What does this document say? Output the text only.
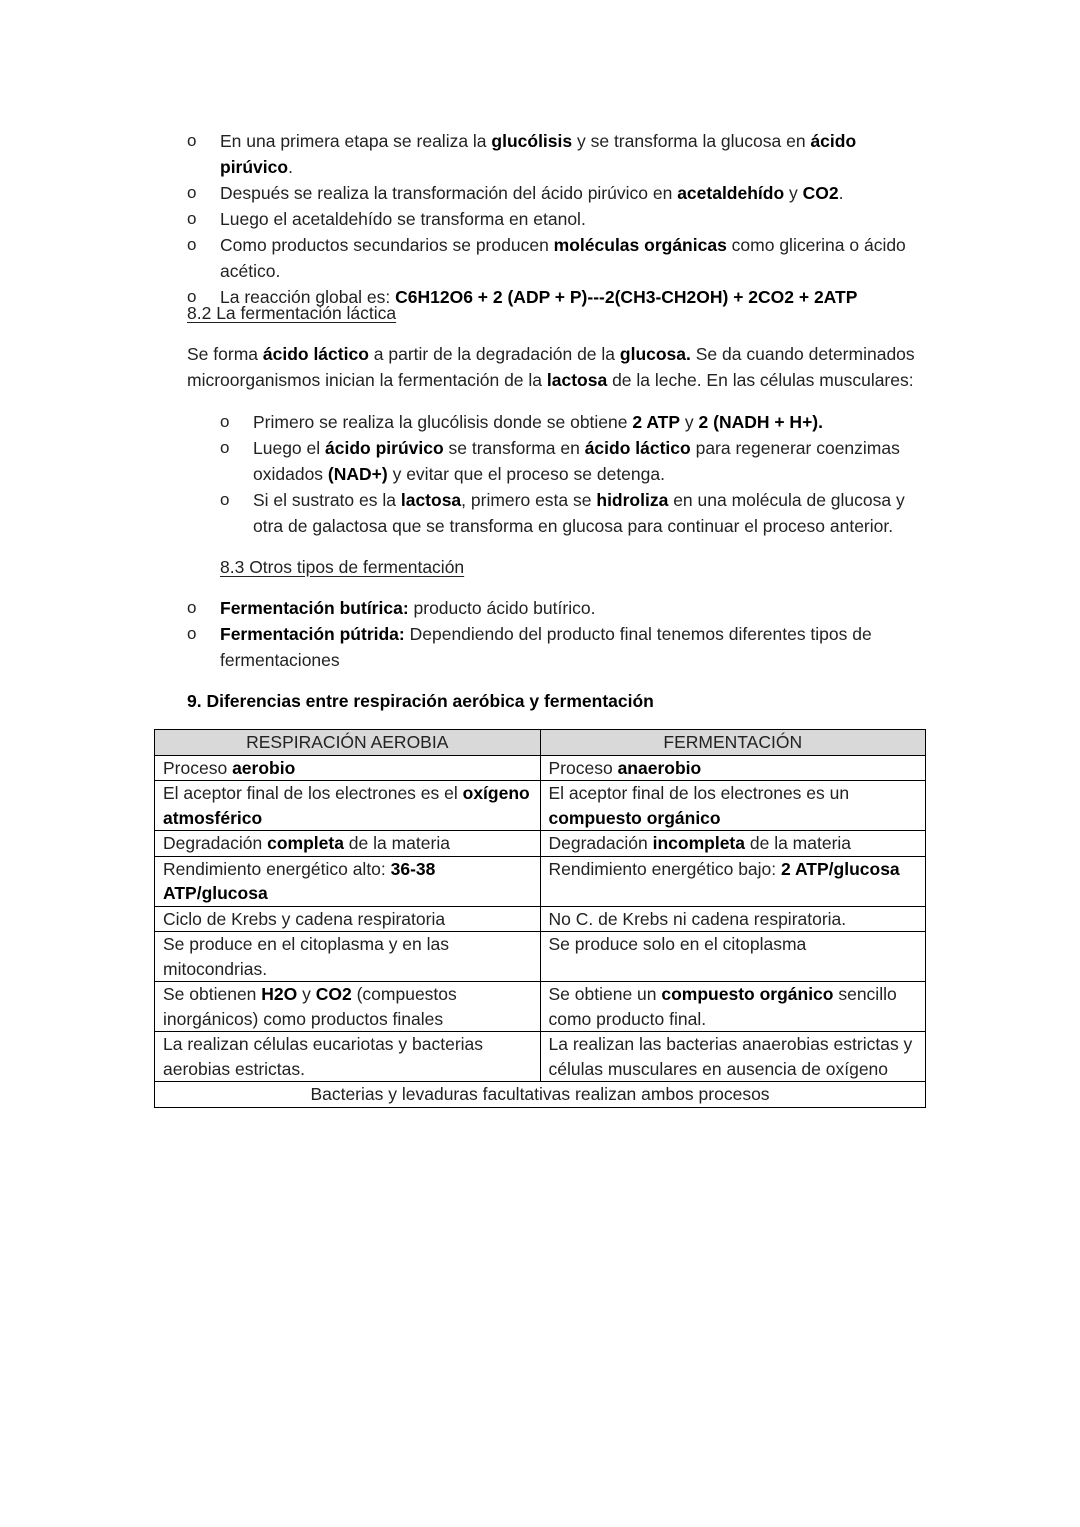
o En una primera etapa se realiza la glucólisis y se transforma la glucosa en ácido pirúvico.
o Después se realiza la transformación del ácido pirúvico en acetaldehído y CO2.
o Luego el acetaldehído se transforma en etanol.
o Como productos secundarios se producen moléculas orgánicas como glicerina o ácido acético.
o La reacción global es: C6H12O6 + 2 (ADP + P)---2(CH3-CH2OH) + 2CO2 + 2ATP
8.2 La fermentación láctica

Se forma ácido láctico a partir de la degradación de la glucosa. Se da cuando determinados microorganismos inician la fermentación de la lactosa de la leche. En las células musculares:

o Primero se realiza la glucólisis donde se obtiene 2 ATP y 2 (NADH + H+).
o Luego el ácido pirúvico se transforma en ácido láctico para regenerar coenzimas oxidados (NAD+) y evitar que el proceso se detenga.
o Si el sustrato es la lactosa, primero esta se hidroliza en una molécula de glucosa y otra de galactosa que se transforma en glucosa para continuar el proceso anterior.
8.3 Otros tipos de fermentación
o Fermentación butírica: producto ácido butírico.
o Fermentación pútrida: Dependiendo del producto final tenemos diferentes tipos de fermentaciones

9. Diferencias entre respiración aeróbica y fermentación

RESPIRACIÓN AEROBIA	FERMENTACIÓN
Proceso aerobio	Proceso anaerobio
El aceptor final de los electrones es el oxígeno atmosférico	El aceptor final de los electrones es un compuesto orgánico
Degradación completa de la materia	Degradación incompleta de la materia
Rendimiento energético alto: 36-38 ATP/glucosa	Rendimiento energético bajo: 2 ATP/glucosa
Ciclo de Krebs y cadena respiratoria	No C. de Krebs ni cadena respiratoria.
Se produce en el citoplasma y en las mitocondrias.	Se produce solo en el citoplasma
Se obtienen H2O y CO2 (compuestos inorgánicos) como productos finales	Se obtiene un compuesto orgánico sencillo como producto final.
La realizan células eucariotas y bacterias aerobias estrictas.	La realizan las bacterias anaerobias estrictas y células musculares en ausencia de oxígeno
Bacterias y levaduras facultativas realizan ambos procesos	
